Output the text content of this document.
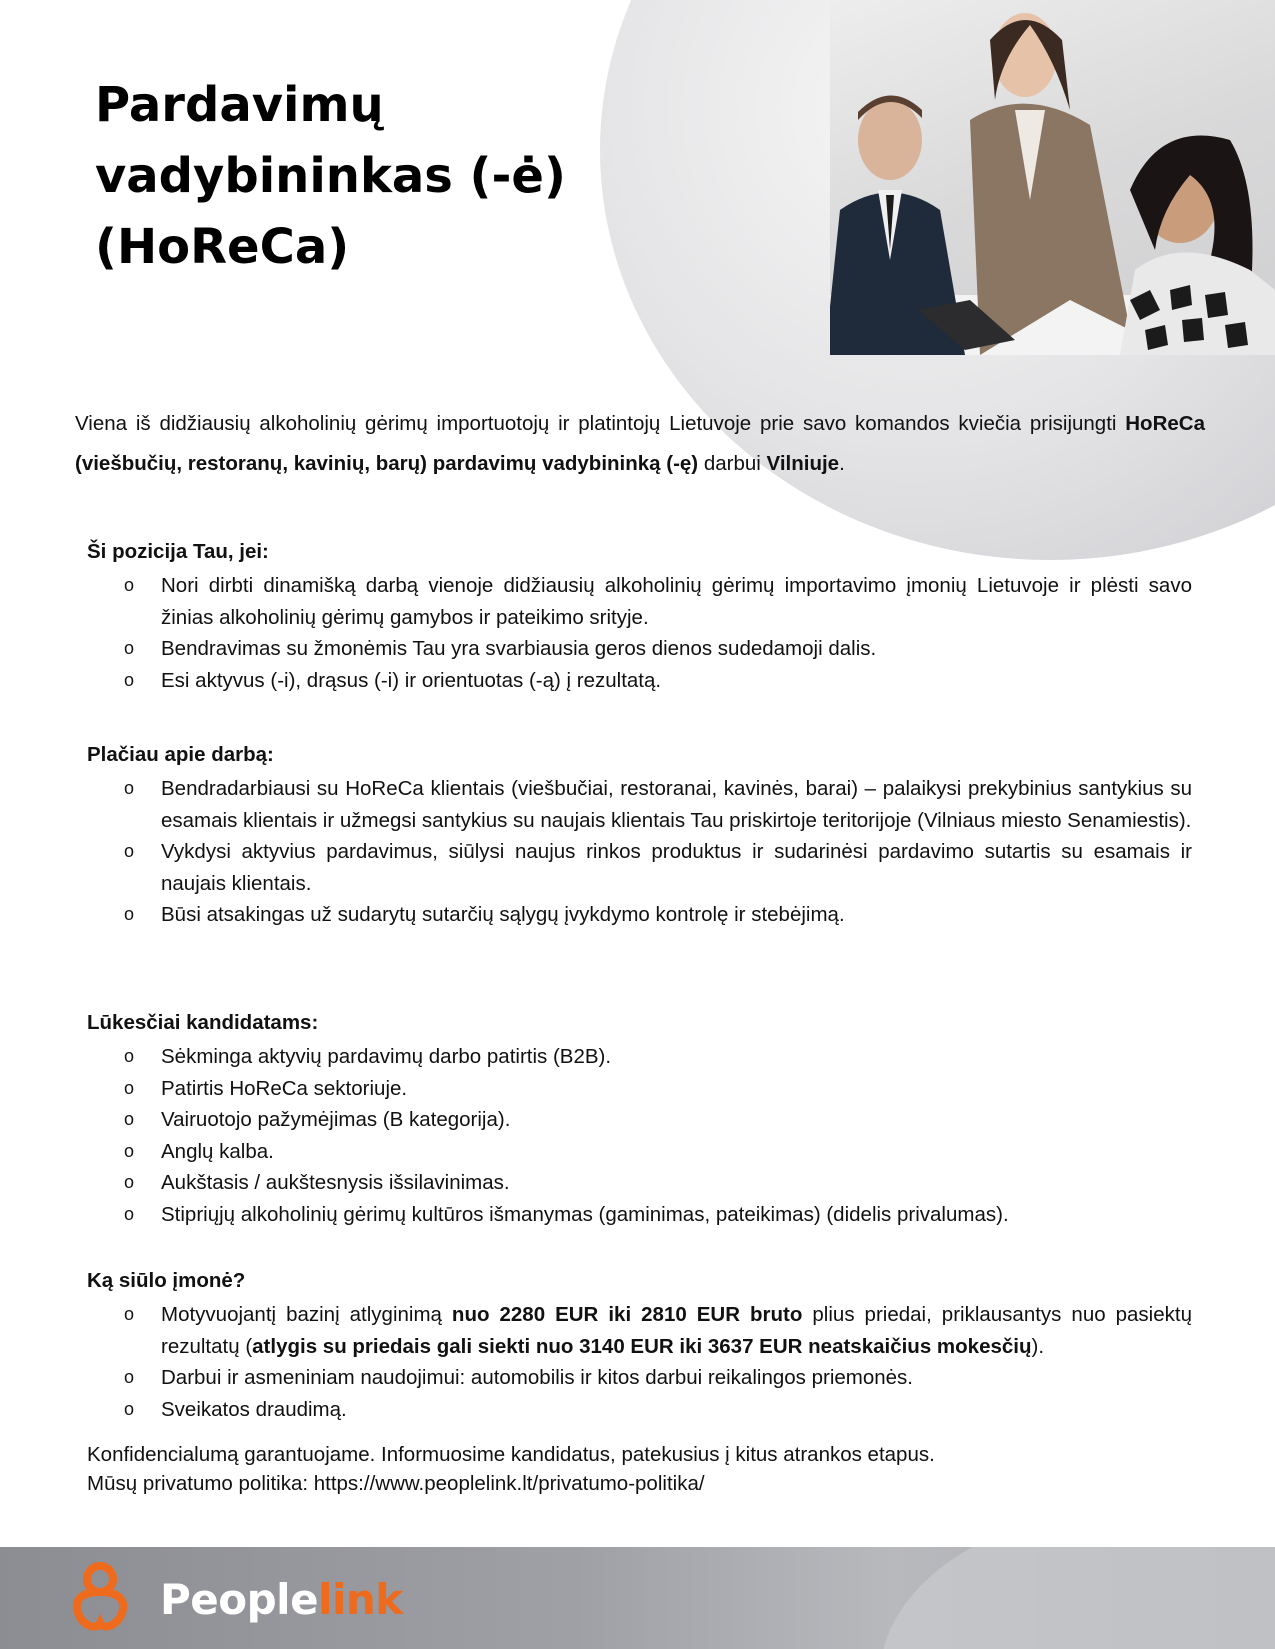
Pardavimų
vadybininkas (-ė)
(HoReCa)

Viena iš didžiausių alkoholinių gėrimų importuotojų ir platintojų Lietuvoje prie savo komandos kviečia prisijungti HoReCa (viešbučių, restoranų, kavinių, barų) pardavimų vadybininką (-ę) darbui Vilniuje.

Ši pozicija Tau, jei:
o Nori dirbti dinamišką darbą vienoje didžiausių alkoholinių gėrimų importavimo įmonių Lietuvoje ir plėsti savo žinias alkoholinių gėrimų gamybos ir pateikimo srityje.
o Bendravimas su žmonėmis Tau yra svarbiausia geros dienos sudedamoji dalis.
o Esi aktyvus (-i), drąsus (-i) ir orientuotas (-ą) į rezultatą.
Plačiau apie darbą:
o Bendradarbiausi su HoReCa klientais (viešbučiai, restoranai, kavinės, barai) – palaikysi prekybinius santykius su esamais klientais ir užmegsi santykius su naujais klientais Tau priskirtoje teritorijoje (Vilniaus miesto Senamiestis).
o Vykdysi aktyvius pardavimus, siūlysi naujus rinkos produktus ir sudarinėsi pardavimo sutartis su esamais ir naujais klientais.
o Būsi atsakingas už sudarytų sutarčių sąlygų įvykdymo kontrolę ir stebėjimą.
Lūkesčiai kandidatams:
o Sėkminga aktyvių pardavimų darbo patirtis (B2B).
o Patirtis HoReCa sektoriuje.
o Vairuotojo pažymėjimas (B kategorija).
o Anglų kalba.
o Aukštasis / aukštesnysis išsilavinimas.
o Stipriųjų alkoholinių gėrimų kultūros išmanymas (gaminimas, pateikimas) (didelis privalumas).
Ką siūlo įmonė?
o Motyvuojantį bazinį atlyginimą nuo 2280 EUR iki 2810 EUR bruto plius priedai, priklausantys nuo pasiektų rezultatų (atlygis su priedais gali siekti nuo 3140 EUR iki 3637 EUR neatskaičius mokesčių).
o Darbui ir asmeniniam naudojimui: automobilis ir kitos darbui reikalingos priemonės.
o Sveikatos draudimą.
Konfidencialumą garantuojame. Informuosime kandidatus, patekusius į kitus atrankos etapus.
Mūsų privatumo politika: https://www.peoplelink.lt/privatumo-politika/
Peoplelink
